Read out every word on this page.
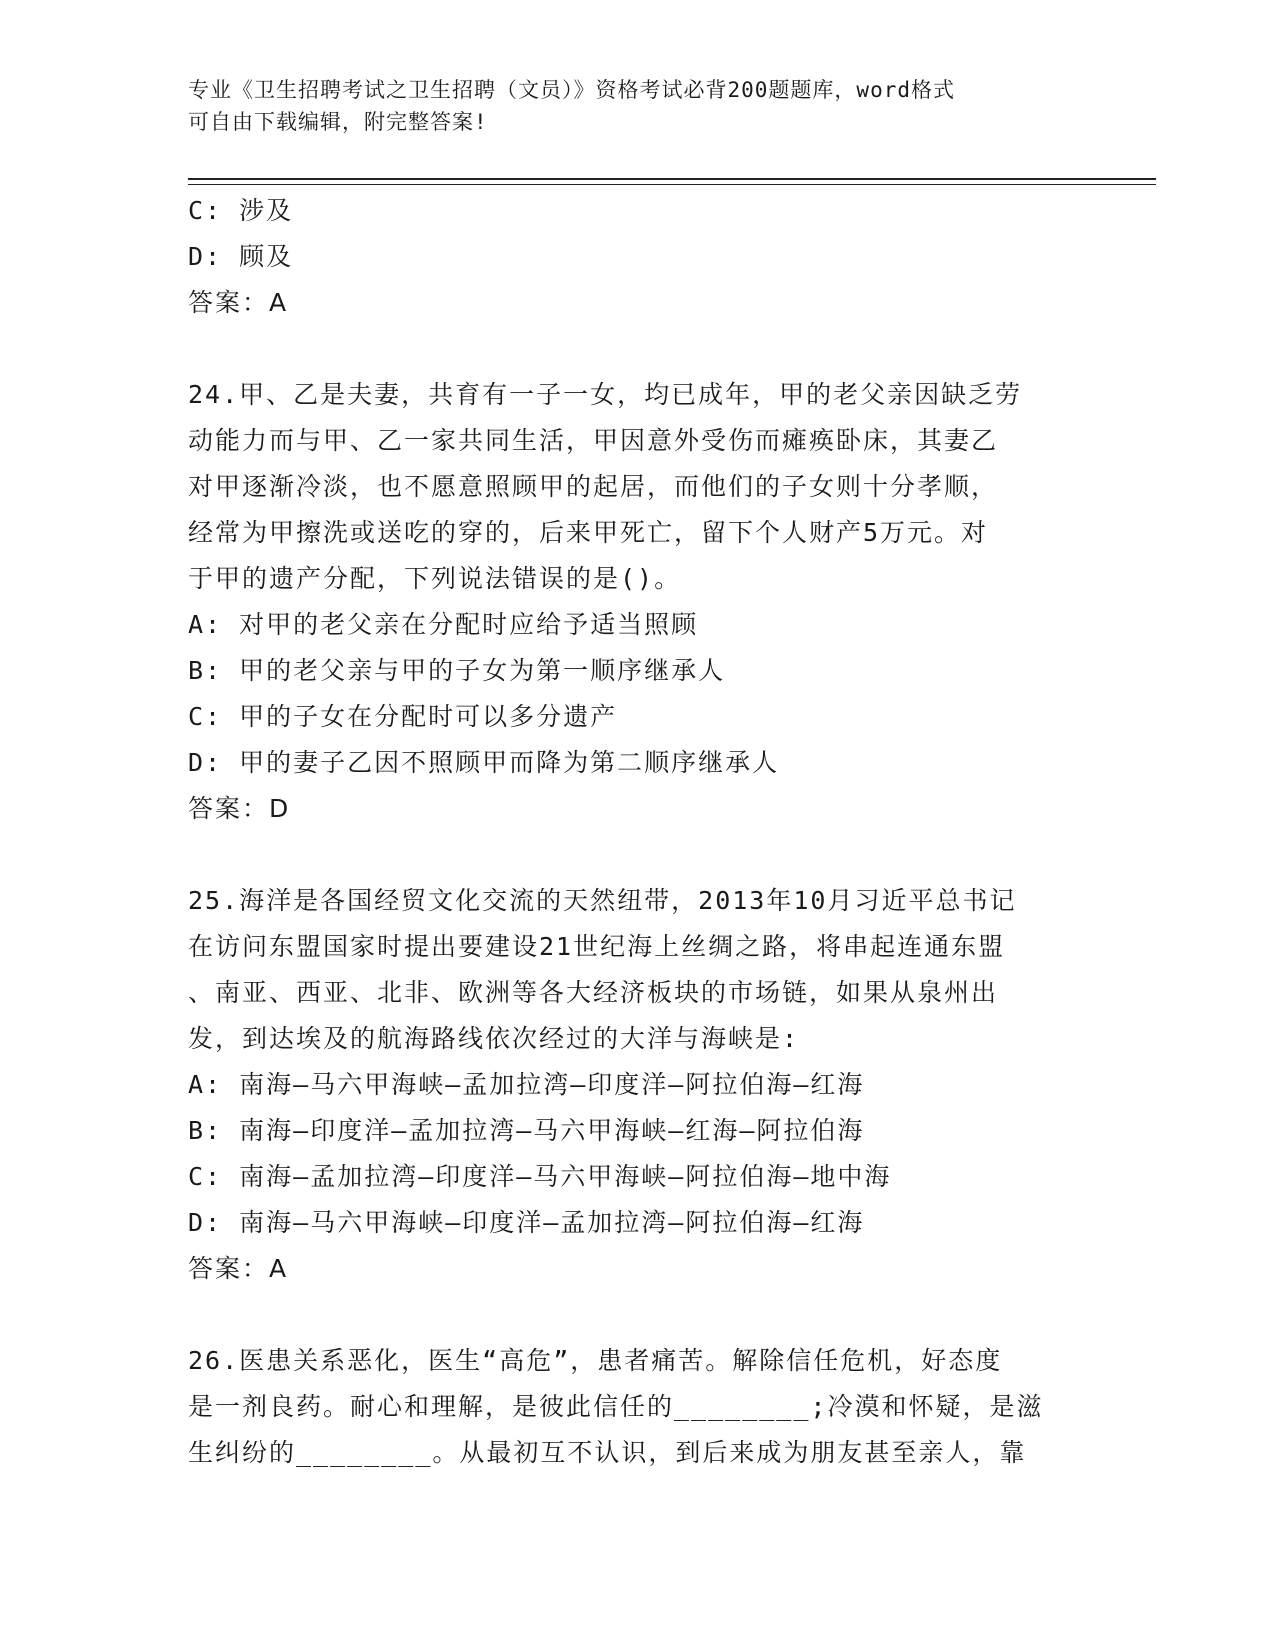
专业《卫生招聘考试之卫生招聘（文员）》资格考试必背200题题库，word格式
可自由下载编辑，附完整答案!
C: 涉及
D: 顾及
答案：A
24.甲、乙是夫妻，共育有一子一女，均已成年，甲的老父亲因缺乏劳
动能力而与甲、乙一家共同生活，甲因意外受伤而瘫痪卧床，其妻乙
对甲逐渐冷淡，也不愿意照顾甲的起居，而他们的子女则十分孝顺，
经常为甲擦洗或送吃的穿的，后来甲死亡，留下个人财产5万元。对
于甲的遗产分配，下列说法错误的是()。
A: 对甲的老父亲在分配时应给予适当照顾
B: 甲的老父亲与甲的子女为第一顺序继承人
C: 甲的子女在分配时可以多分遗产
D: 甲的妻子乙因不照顾甲而降为第二顺序继承人
答案：D
25.海洋是各国经贸文化交流的天然纽带，2013年10月习近平总书记
在访问东盟国家时提出要建设21世纪海上丝绸之路，将串起连通东盟
、南亚、西亚、北非、欧洲等各大经济板块的市场链，如果从泉州出
发，到达埃及的航海路线依次经过的大洋与海峡是:
A: 南海—马六甲海峡—孟加拉湾—印度洋—阿拉伯海—红海
B: 南海—印度洋—孟加拉湾—马六甲海峡—红海—阿拉伯海
C: 南海—孟加拉湾—印度洋—马六甲海峡—阿拉伯海—地中海
D: 南海—马六甲海峡—印度洋—孟加拉湾—阿拉伯海—红海
答案：A
26.医患关系恶化，医生“高危”，患者痛苦。解除信任危机，好态度
是一剂良药。耐心和理解，是彼此信任的________;冷漠和怀疑，是滋
生纠纷的________。从最初互不认识，到后来成为朋友甚至亲人，靠
